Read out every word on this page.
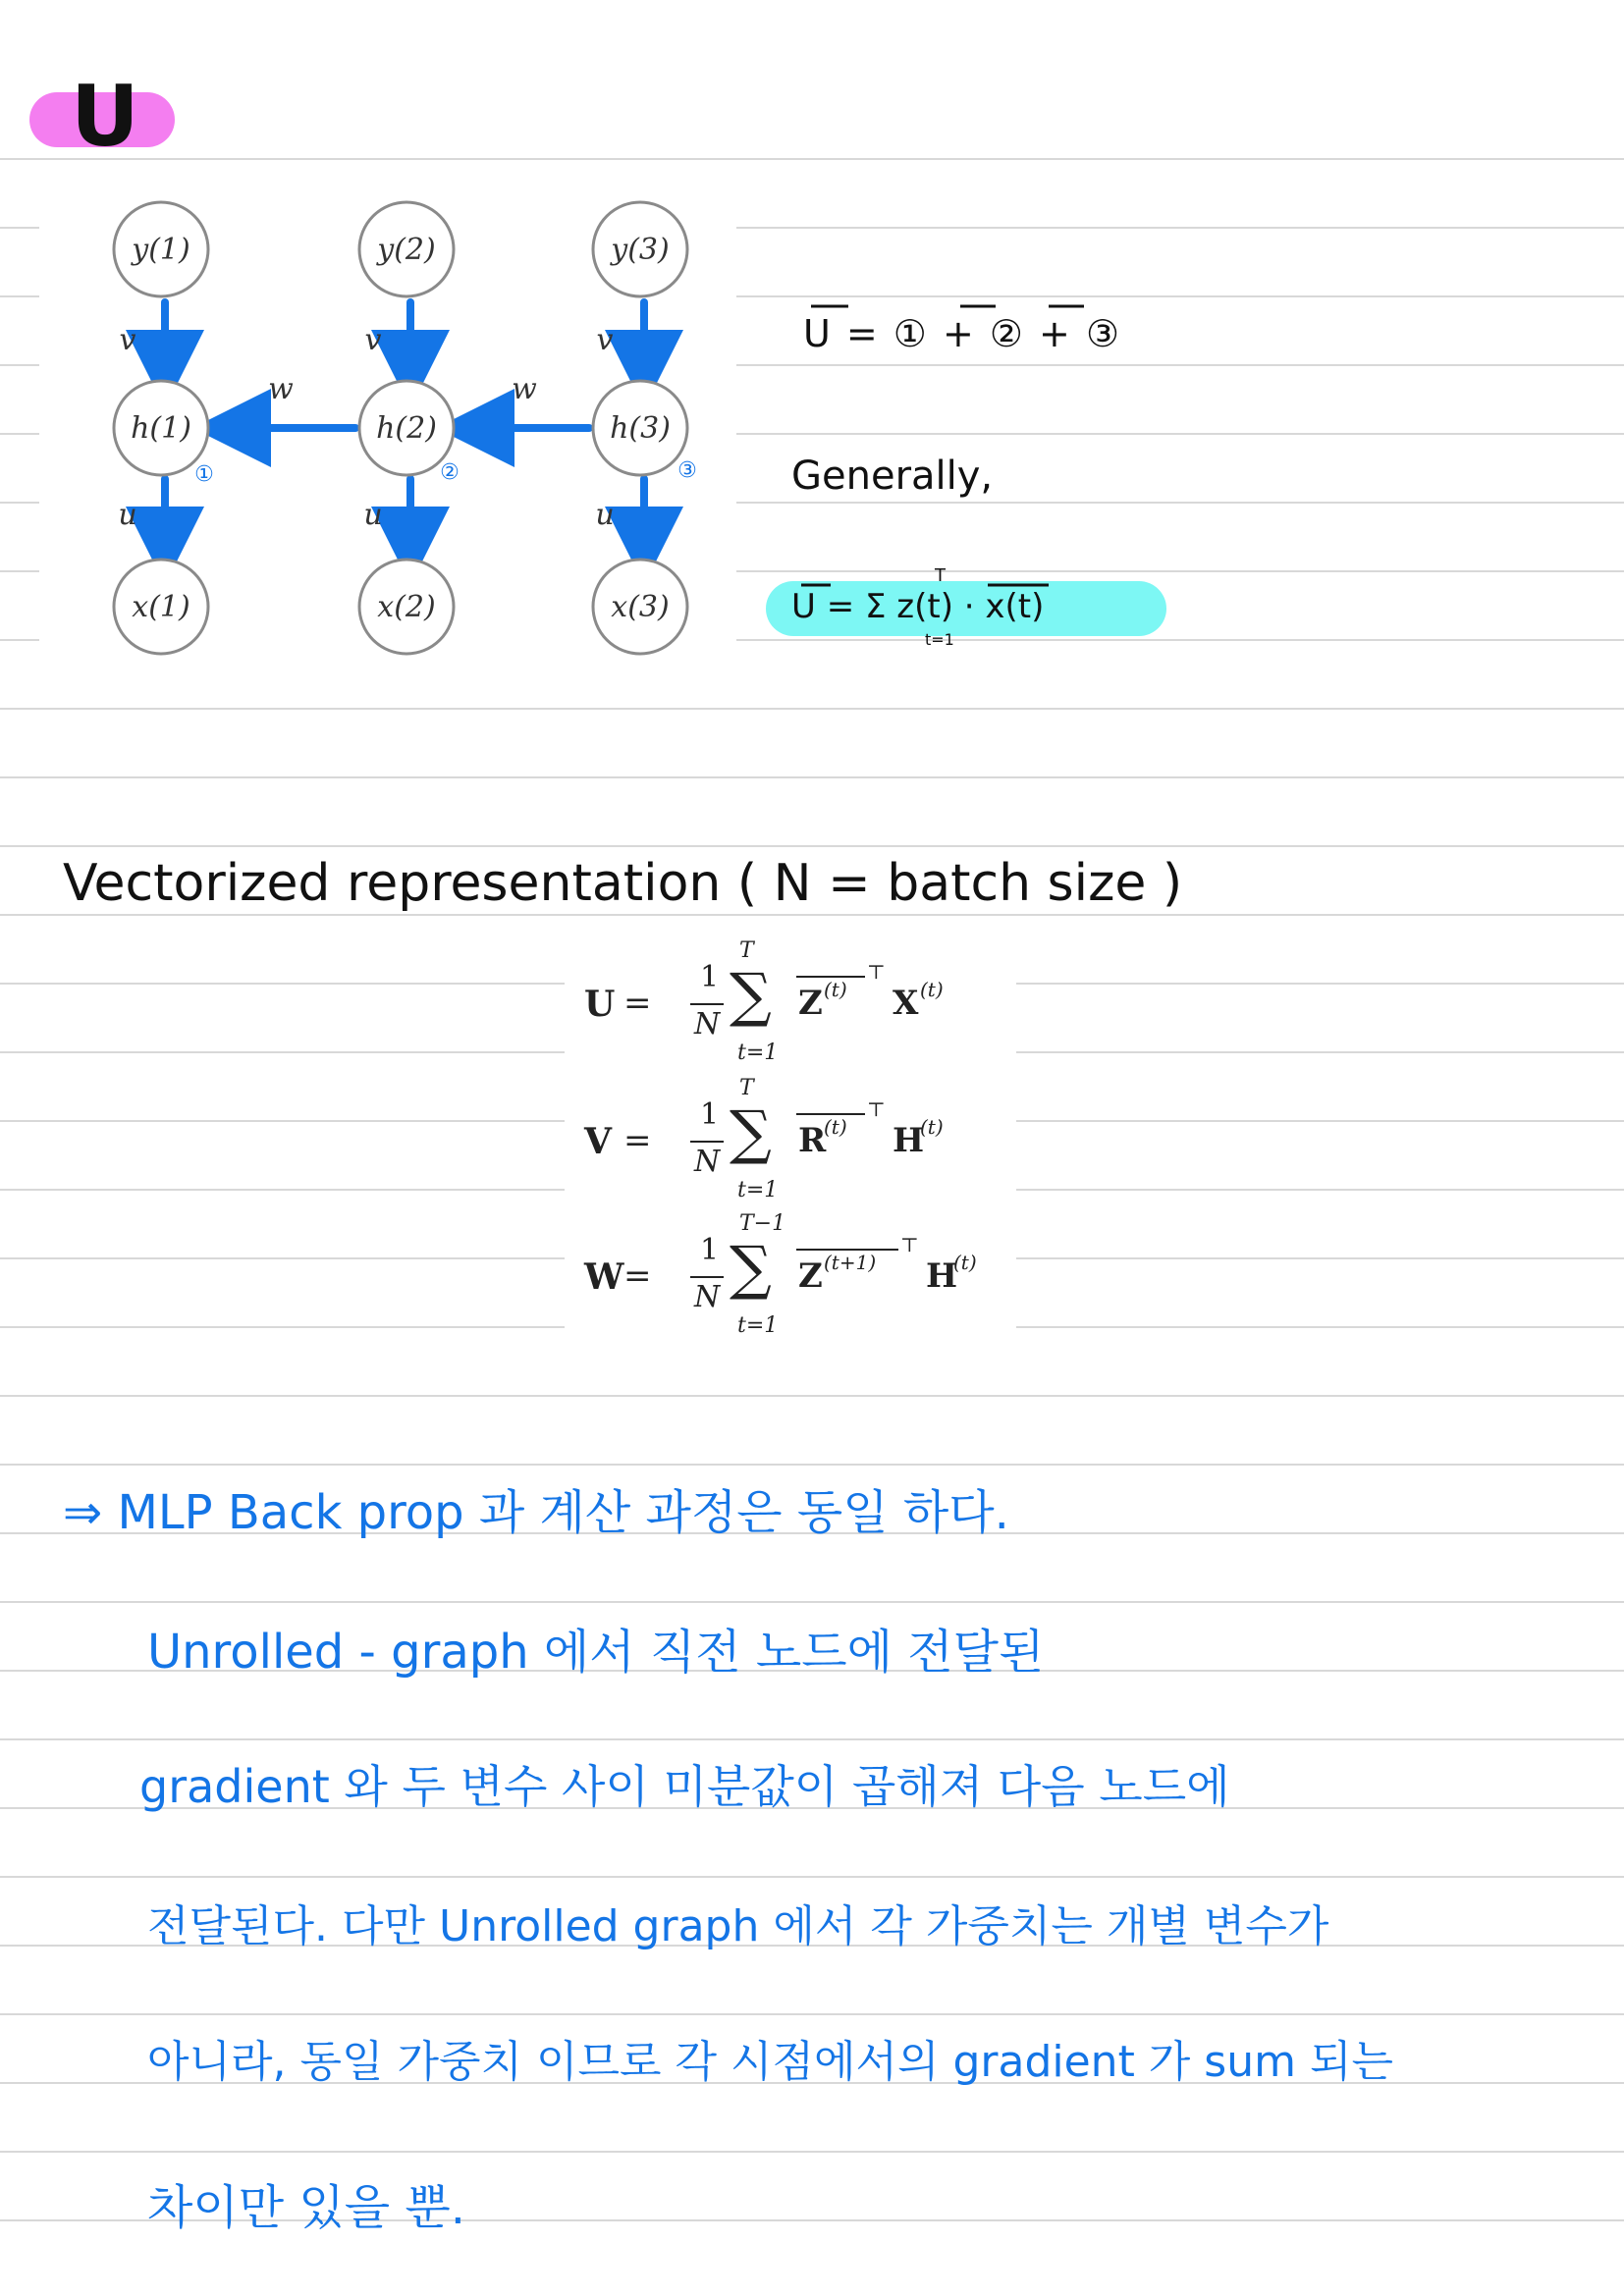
U
y(1)	y(2)	y(3)
h(1)	h(2)	h(3)
x(1)	x(2)	x(3)
v	v	v
u	u	u
w	w
①	②	③
U = ① + ② + ③
Generally,
U = Σ z(t) · x(t)
T
t=1
Vectorized representation ( N = batch size )
U =
1
N
T
∑
t=1
Z (t)
⊤
X (t)
V =
1
N
T
∑
t=1
R
(t)
⊤
H
(t)
W =
1
N
T−1
∑
t=1
Z (t+1)
⊤
H
(t)
⇒ MLP Back prop 과 계산 과정은 동일 하다.
Unrolled - graph 에서 직전 노드에 전달된
gradient 와 두 변수 사이 미분값이 곱해져 다음 노드에
전달된다. 다만 Unrolled graph 에서 각 가중치는 개별 변수가
아니라, 동일 가중치 이므로 각 시점에서의 gradient 가 sum 되는
차이만 있을 뿐.
